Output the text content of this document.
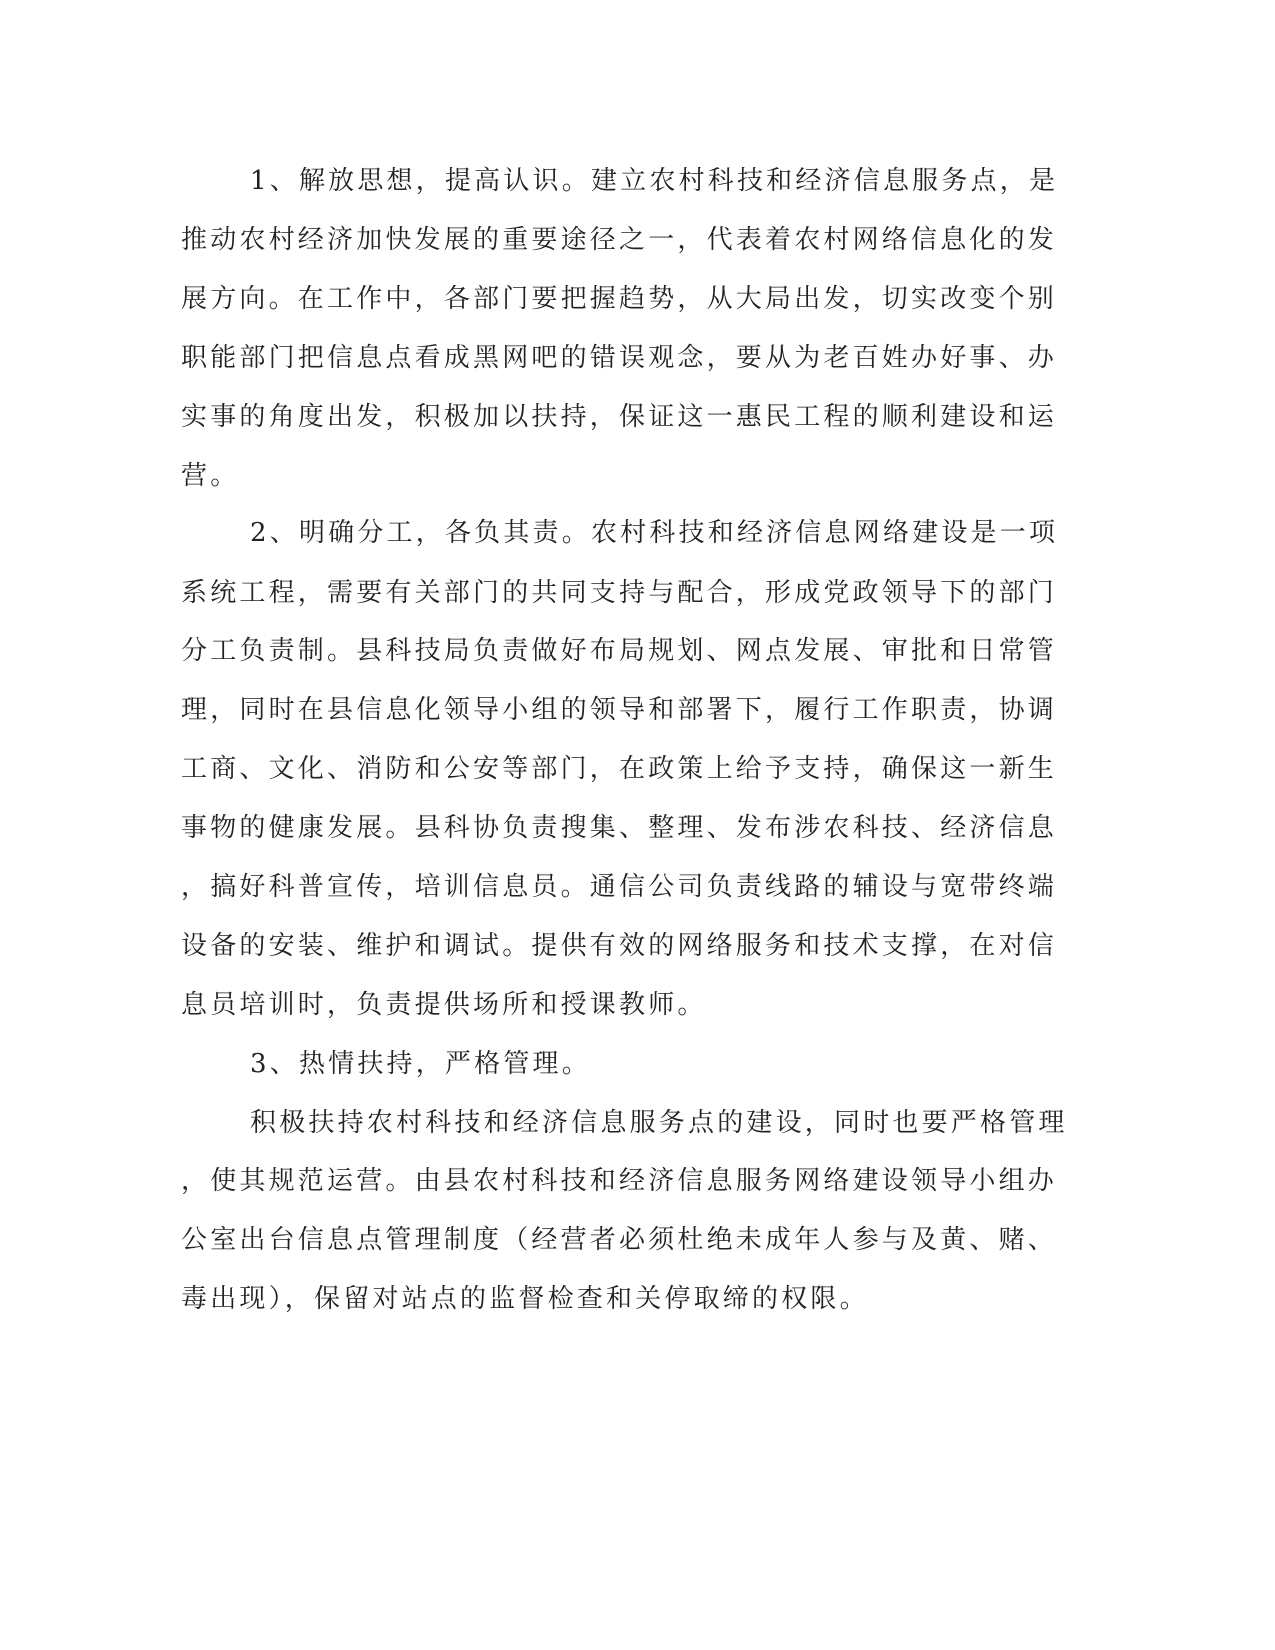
1、解放思想，提高认识。建立农村科技和经济信息服务点，是
推动农村经济加快发展的重要途径之一，代表着农村网络信息化的发
展方向。在工作中，各部门要把握趋势，从大局出发，切实改变个别
职能部门把信息点看成黑网吧的错误观念，要从为老百姓办好事、办
实事的角度出发，积极加以扶持，保证这一惠民工程的顺利建设和运
营。
2、明确分工，各负其责。农村科技和经济信息网络建设是一项
系统工程，需要有关部门的共同支持与配合，形成党政领导下的部门
分工负责制。县科技局负责做好布局规划、网点发展、审批和日常管
理，同时在县信息化领导小组的领导和部署下，履行工作职责，协调
工商、文化、消防和公安等部门，在政策上给予支持，确保这一新生
事物的健康发展。县科协负责搜集、整理、发布涉农科技、经济信息
，搞好科普宣传，培训信息员。通信公司负责线路的辅设与宽带终端
设备的安装、维护和调试。提供有效的网络服务和技术支撑，在对信
息员培训时，负责提供场所和授课教师。
3、热情扶持，严格管理。
积极扶持农村科技和经济信息服务点的建设，同时也要严格管理
，使其规范运营。由县农村科技和经济信息服务网络建设领导小组办
公室出台信息点管理制度（经营者必须杜绝未成年人参与及黄、赌、
毒出现），保留对站点的监督检查和关停取缔的权限。
